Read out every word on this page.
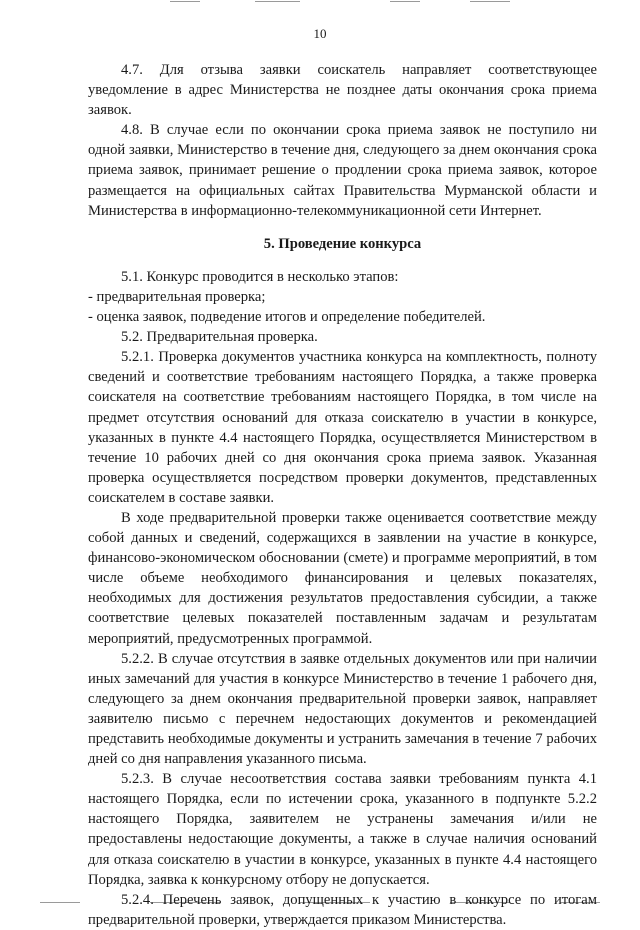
10

4.7. Для отзыва заявки соискатель направляет соответствующее уведомление в адрес Министерства не позднее даты окончания срока приема заявок.

4.8. В случае если по окончании срока приема заявок не поступило ни одной заявки, Министерство в течение дня, следующего за днем окончания срока приема заявок, принимает решение о продлении срока приема заявок, которое размещается на официальных сайтах Правительства Мурманской области и Министерства в информационно-телекоммуникационной сети Интернет.

5. Проведение конкурса

5.1. Конкурс проводится в несколько этапов:

- предварительная проверка;

- оценка заявок, подведение итогов и определение победителей.

5.2. Предварительная проверка.

5.2.1. Проверка документов участника конкурса на комплектность, полноту сведений и соответствие требованиям настоящего Порядка, а также проверка соискателя на соответствие требованиям настоящего Порядка, в том числе на предмет отсутствия оснований для отказа соискателю в участии в конкурсе, указанных в пункте 4.4 настоящего Порядка, осуществляется Министерством в течение 10 рабочих дней со дня окончания срока приема заявок. Указанная проверка осуществляется посредством проверки документов, представленных соискателем в составе заявки.

В ходе предварительной проверки также оценивается соответствие между собой данных и сведений, содержащихся в заявлении на участие в конкурсе, финансово-экономическом обосновании (смете) и программе мероприятий, в том числе объеме необходимого финансирования и целевых показателях, необходимых для достижения результатов предоставления субсидии, а также соответствие целевых показателей поставленным задачам и результатам мероприятий, предусмотренных программой.

5.2.2. В случае отсутствия в заявке отдельных документов или при наличии иных замечаний для участия в конкурсе Министерство в течение 1 рабочего дня, следующего за днем окончания предварительной проверки заявок, направляет заявителю письмо с перечнем недостающих документов и рекомендацией представить необходимые документы и устранить замечания в течение 7 рабочих дней со дня направления указанного письма.

5.2.3. В случае несоответствия состава заявки требованиям пункта 4.1 настоящего Порядка, если по истечении срока, указанного в подпункте 5.2.2 настоящего Порядка, заявителем не устранены замечания и/или не предоставлены недостающие документы, а также в случае наличия оснований для отказа соискателю в участии в конкурсе, указанных в пункте 4.4 настоящего Порядка, заявка к конкурсному отбору не допускается.

5.2.4. Перечень заявок, допущенных к участию в конкурсе по итогам предварительной проверки, утверждается приказом Министерства.
